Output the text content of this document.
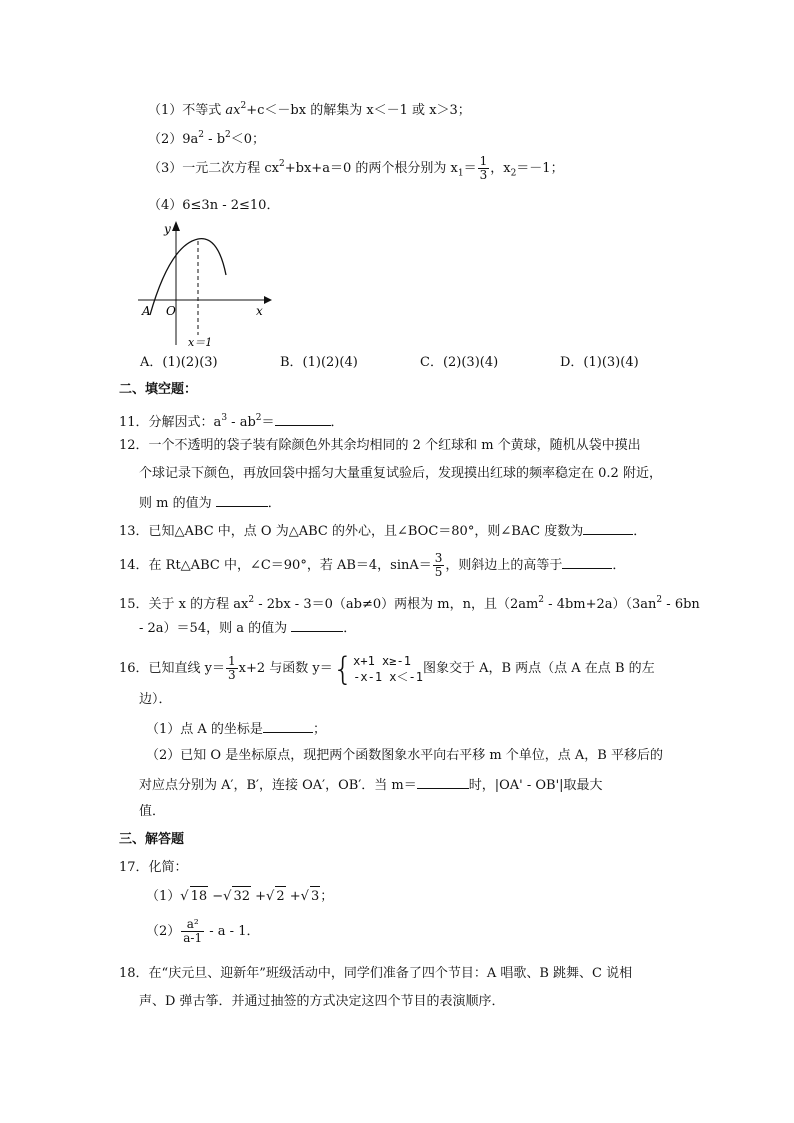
（1）不等式 $ax^2+c<-bx$ 的解集为 x＜－1 或 x＞3；
$(2)9a^2 - b^2<0$；
（3）一元二次方程 $cx^2+bx+a=0$ 的两个根分别为 $x_1= \frac{1}{3}$ ，$x_2=-1$；
（4）6≤3n - 2≤10．
y
x
A O
x＝1
A．(1)(2)(3)	B．(1)(2)(4)	C．(2)(3)(4)	D．(1)(3)(4)
二、填空题：
11．分解因式：$a^3 - ab^2=$	．
12．一个不透明的袋子装有除颜色外其余均相同的 2 个红球和 m 个黄球，随机从袋中摸出
个球记录下颜色，再放回袋中摇匀大量重复试验后，发现摸出红球的频率稳定在 0.2 附近，
则 m 的值为	．
13．已知△ABC 中，点 O 为△ABC 的外心，且∠BOC＝80°，则∠BAC 度数为	．
14．在 Rt△ABC 中，∠C＝90°，若 AB＝4，$\sin A= \frac{3}{5}$ ，则斜边上的高等于	．
15．关于 x 的方程 $ax^2 - 2bx - 3=0(ab\ne 0)$两根为 m，n，且$(2am^2 - 4bm+2a)(3an^2 - 6bn$
- 2a）＝54，则 a 的值为	．
16．已知直线 $y= \frac{1}{3} x+2$ 与函数 y＝{ x+1 x≥-1
-x-1 x＜-1
图象交于 A，B 两点（点 A 在点 B 的左
边）．
（1）点 A 的坐标是	；
（2）已知 O 是坐标原点，现把两个函数图象水平向右平移 m 个单位，点 A，B 平移后的
对应点分别为 A′，B′，连接 OA′，OB′．当 m＝	时，|OA' - OB'|取最大
值．
三、解答题
17．化简：
（1）√ 18 −√ 32 +√ 2 +√ 3；
$(2) \frac{\text{a²}}{a-1}$ - a - 1．
18．在“庆元旦、迎新年”班级活动中，同学们准备了四个节目：A 唱歌、B 跳舞、C 说相
声、D 弹古筝．并通过抽签的方式决定这四个节目的表演顺序．
